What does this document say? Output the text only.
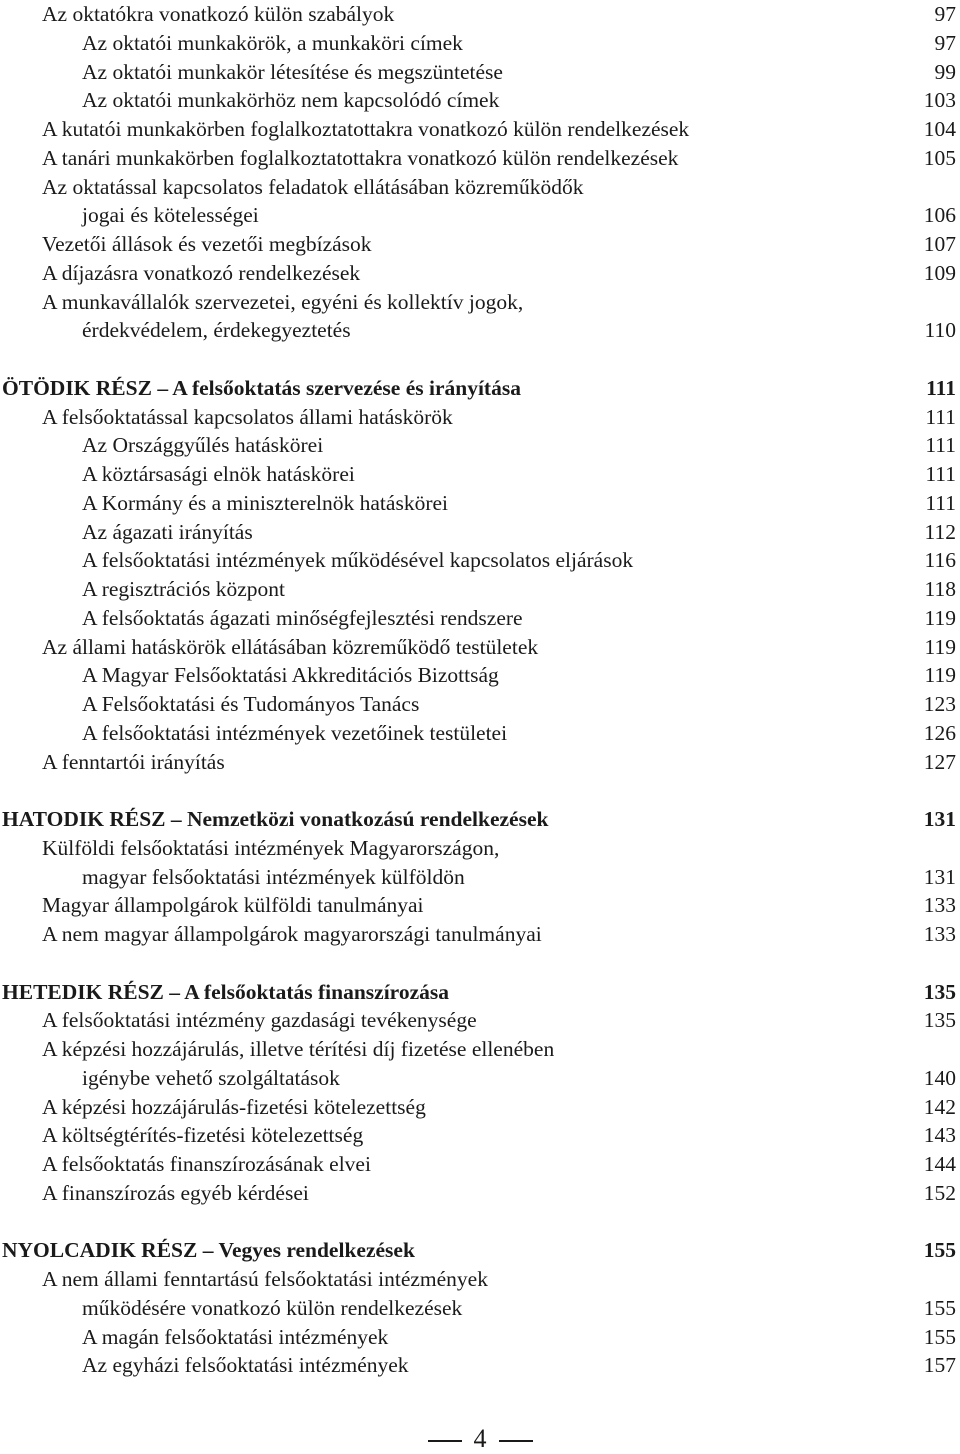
Az oktatókra vonatkozó külön szabályok	97
Az oktatói munkakörök, a munkaköri címek	97
Az oktatói munkakör létesítése és megszüntetése	99
Az oktatói munkakörhöz nem kapcsolódó címek	103
A kutatói munkakörben foglalkoztatottakra vonatkozó külön rendelkezések	104
A tanári munkakörben foglalkoztatottakra vonatkozó külön rendelkezések	105
Az oktatással kapcsolatos feladatok ellátásában közreműködők
jogai és kötelességei	106
Vezetői állások és vezetői megbízások	107
A díjazásra vonatkozó rendelkezések	109
A munkavállalók szervezetei, egyéni és kollektív jogok,
érdekvédelem, érdekegyeztetés	110
ÖTÖDIK RÉSZ – A felsőoktatás szervezése és irányítása	111
A felsőoktatással kapcsolatos állami hatáskörök	111
Az Országgyűlés hatáskörei	111
A köztársasági elnök hatáskörei	111
A Kormány és a miniszterelnök hatáskörei	111
Az ágazati irányítás	112
A felsőoktatási intézmények működésével kapcsolatos eljárások	116
A regisztrációs központ	118
A felsőoktatás ágazati minőségfejlesztési rendszere	119
Az állami hatáskörök ellátásában közreműködő testületek	119
A Magyar Felsőoktatási Akkreditációs Bizottság	119
A Felsőoktatási és Tudományos Tanács	123
A felsőoktatási intézmények vezetőinek testületei	126
A fenntartói irányítás	127
HATODIK RÉSZ – Nemzetközi vonatkozású rendelkezések	131
Külföldi felsőoktatási intézmények Magyarországon,
magyar felsőoktatási intézmények külföldön	131
Magyar állampolgárok külföldi tanulmányai	133
A nem magyar állampolgárok magyarországi tanulmányai	133
HETEDIK RÉSZ – A felsőoktatás finanszírozása	135
A felsőoktatási intézmény gazdasági tevékenysége	135
A képzési hozzájárulás, illetve térítési díj fizetése ellenében
igénybe vehető szolgáltatások	140
A képzési hozzájárulás-fizetési kötelezettség	142
A költségtérítés-fizetési kötelezettség	143
A felsőoktatás finanszírozásának elvei	144
A finanszírozás egyéb kérdései	152
NYOLCADIK RÉSZ – Vegyes rendelkezések	155
A nem állami fenntartású felsőoktatási intézmények
működésére vonatkozó külön rendelkezések	155
A magán felsőoktatási intézmények	155
Az egyházi felsőoktatási intézmények	157
4
